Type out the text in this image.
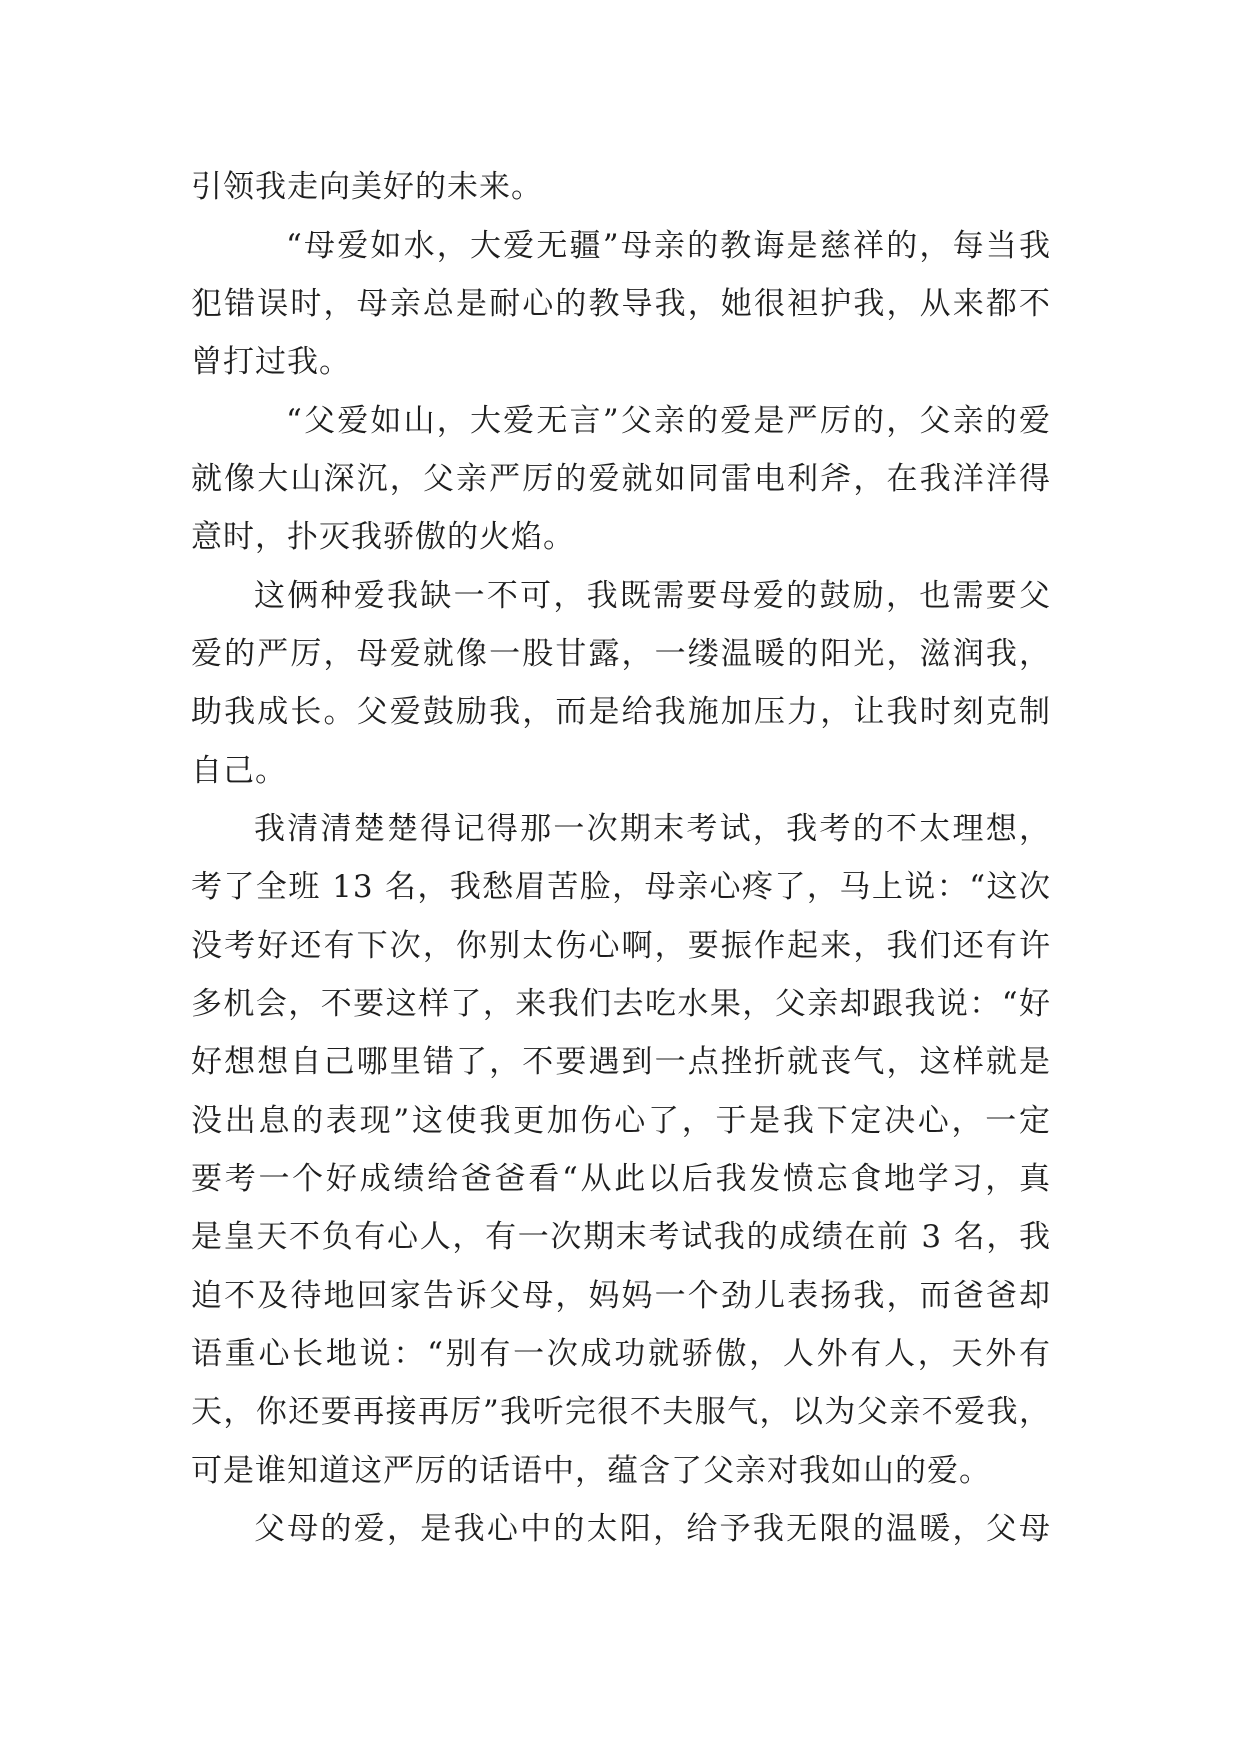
引领我走向美好的未来。

“母爱如水，大爱无疆”母亲的教诲是慈祥的，每当我

犯错误时，母亲总是耐心的教导我，她很袒护我，从来都不

曾打过我。

“父爱如山，大爱无言”父亲的爱是严厉的，父亲的爱

就像大山深沉，父亲严厉的爱就如同雷电利斧，在我洋洋得

意时，扑灭我骄傲的火焰。

这俩种爱我缺一不可，我既需要母爱的鼓励，也需要父

爱的严厉，母爱就像一股甘露，一缕温暖的阳光，滋润我，

助我成长。父爱鼓励我，而是给我施加压力，让我时刻克制

自己。

我清清楚楚得记得那一次期末考试，我考的不太理想，

考了全班 13 名，我愁眉苦脸，母亲心疼了，马上说：“这次

没考好还有下次，你别太伤心啊，要振作起来，我们还有许

多机会，不要这样了，来我们去吃水果，父亲却跟我说：“好

好想想自己哪里错了，不要遇到一点挫折就丧气，这样就是

没出息的表现”这使我更加伤心了，于是我下定决心，一定

要考一个好成绩给爸爸看“从此以后我发愤忘食地学习，真

是皇天不负有心人，有一次期末考试我的成绩在前 3 名，我

迫不及待地回家告诉父母，妈妈一个劲儿表扬我，而爸爸却

语重心长地说：“别有一次成功就骄傲，人外有人，天外有

天，你还要再接再厉”我听完很不夫服气，以为父亲不爱我，

可是谁知道这严厉的话语中，蕴含了父亲对我如山的爱。

父母的爱，是我心中的太阳，给予我无限的温暖，父母
